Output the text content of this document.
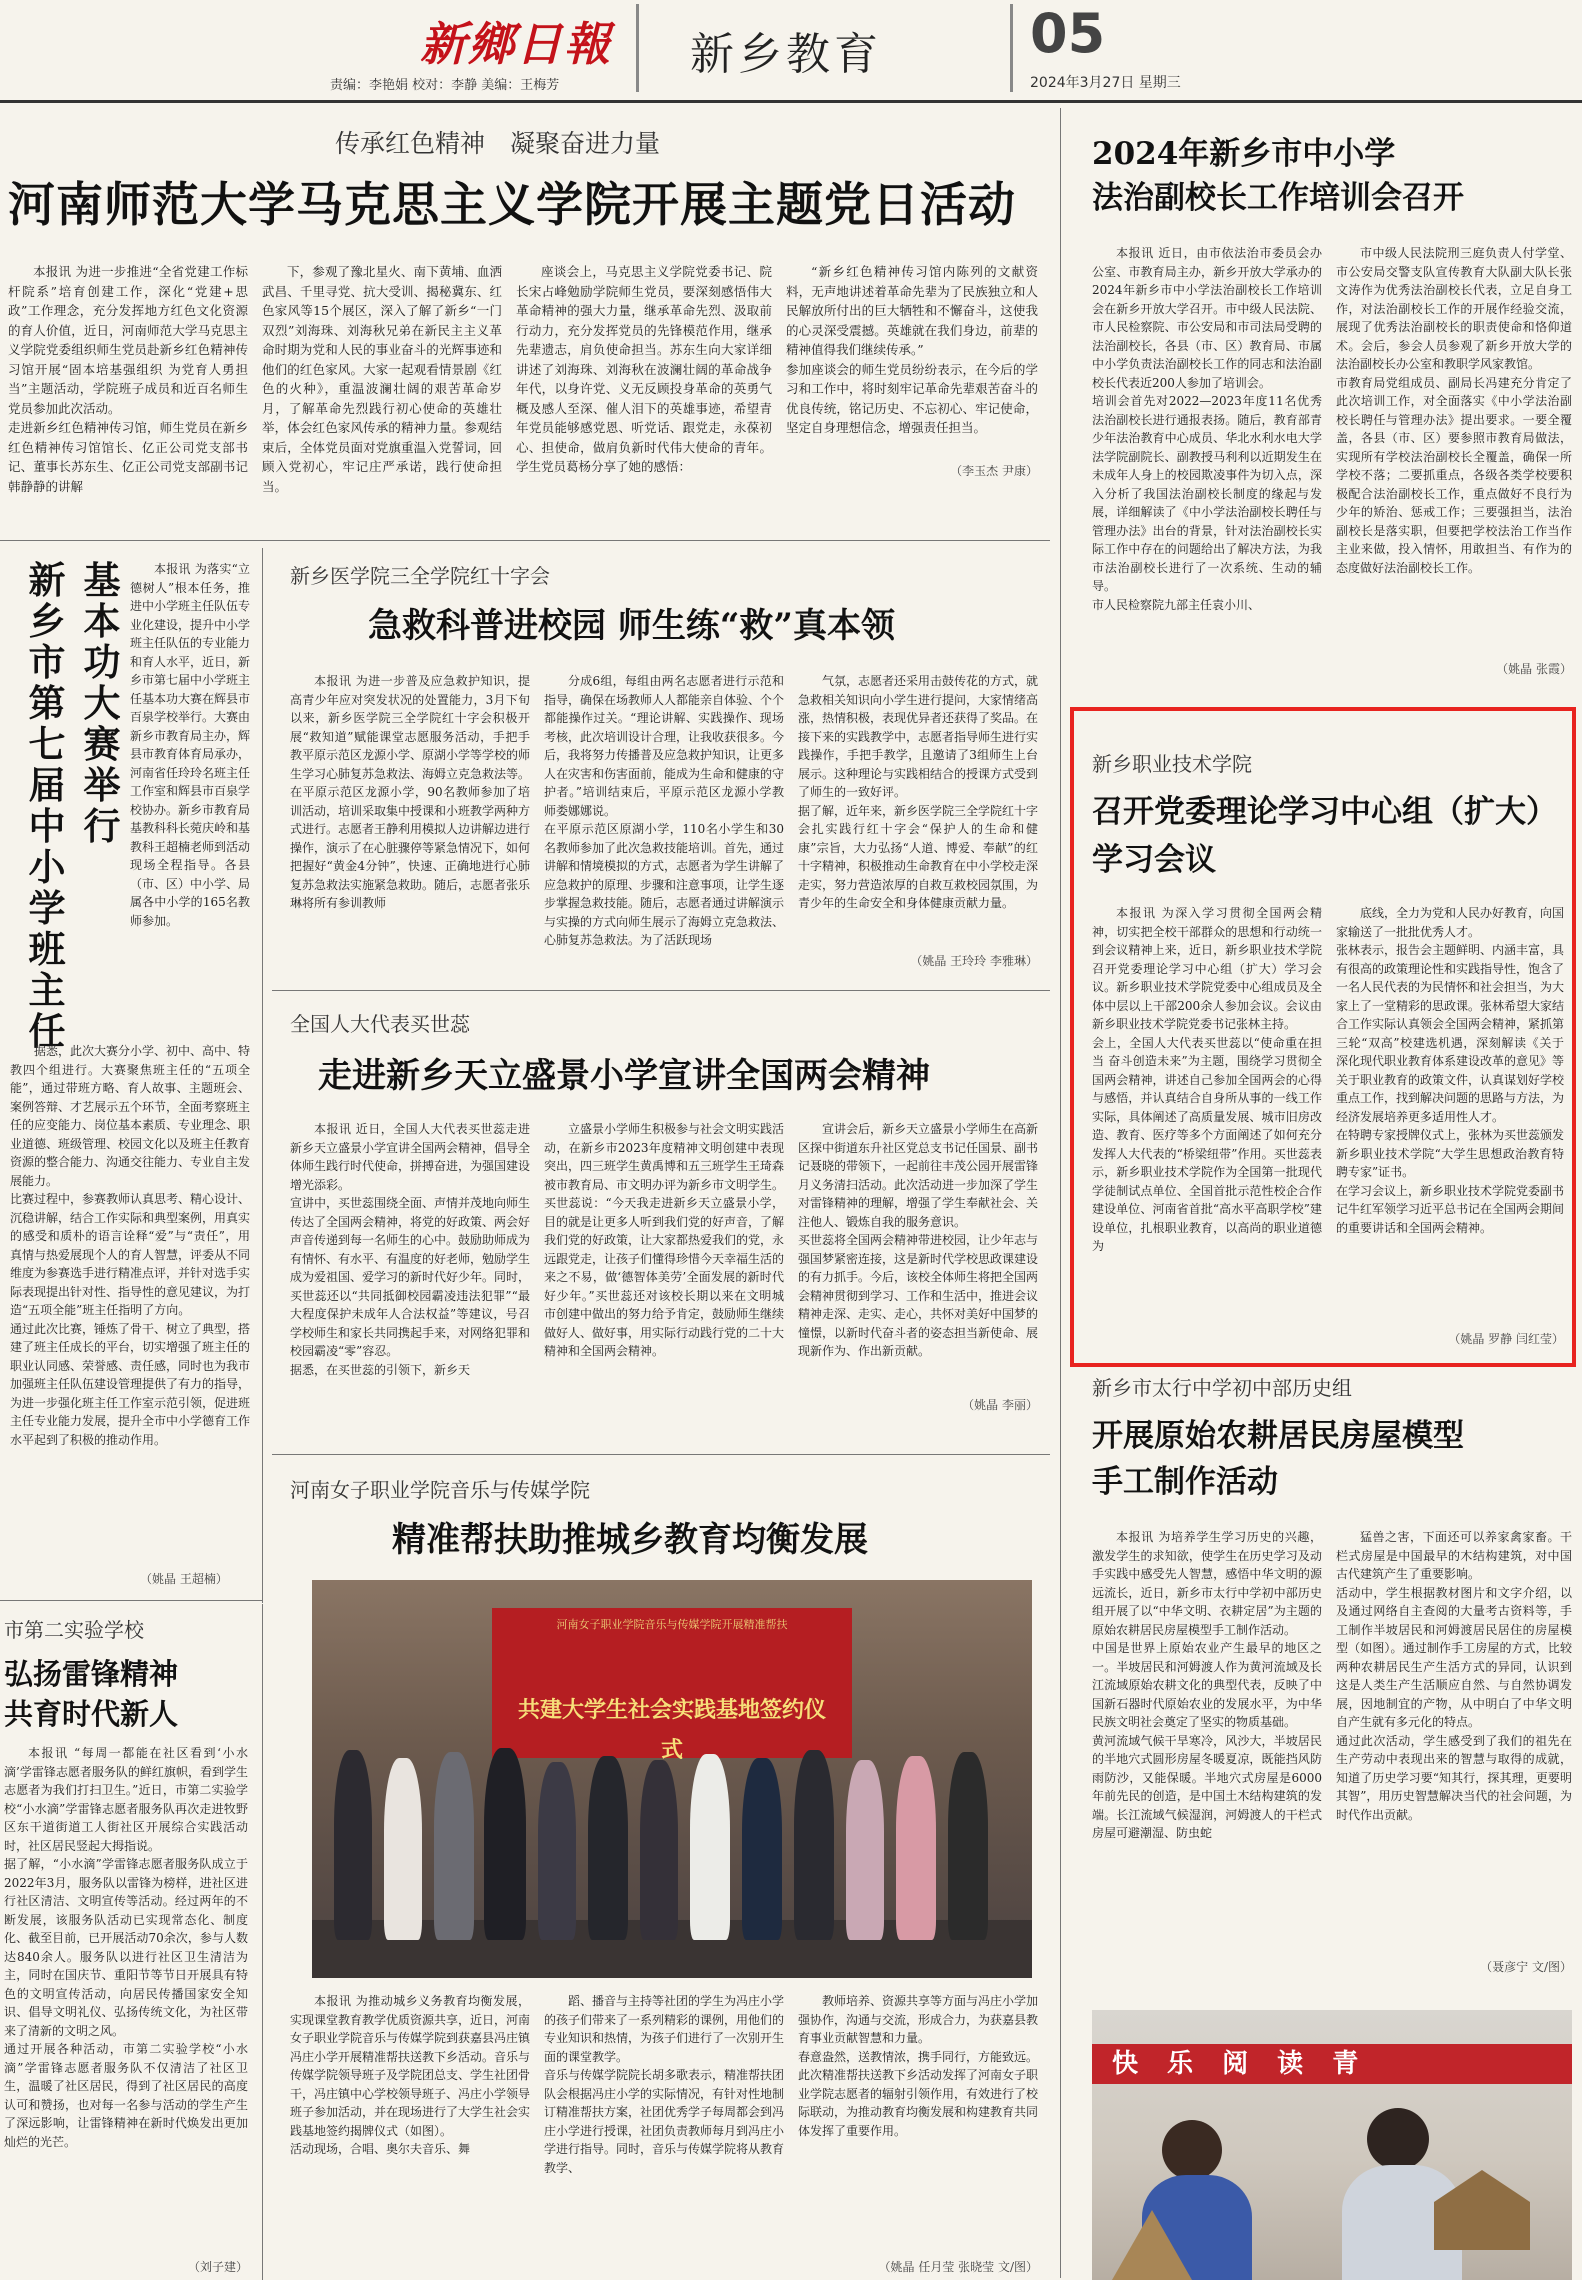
新鄉日報
责编：李艳娟 校对：李静 美编：王梅芳
新乡教育	05
2024年3月27日 星期三
传承红色精神　凝聚奋进力量
河南师范大学马克思主义学院开展主题党日活动
本报讯 为进一步推进“全省党建工作标杆院系”培育创建工作，深化“党建+思政”工作理念，充分发挥地方红色文化资源的育人价值，近日，河南师范大学马克思主义学院党委组织师生党员赴新乡红色精神传习馆开展“固本培基强组织 为党育人勇担当”主题活动，学院班子成员和近百名师生党员参加此次活动。
走进新乡红色精神传习馆，师生党员在新乡红色精神传习馆馆长、亿正公司党支部书记、董事长苏东生、亿正公司党支部副书记韩静静的讲解
下，参观了豫北星火、南下黄埔、血洒武昌、千里寻党、抗大受训、揭秘冀东、红色家风等15个展区，深入了解了新乡“一门双烈”刘海珠、刘海秋兄弟在新民主主义革命时期为党和人民的事业奋斗的光辉事迹和他们的红色家风。大家一起观看情景剧《红色的火种》，重温波澜壮阔的艰苦革命岁月，了解革命先烈践行初心使命的英雄壮举，体会红色家风传承的精神力量。参观结束后，全体党员面对党旗重温入党誓词，回顾入党初心，牢记庄严承诺，践行使命担当。
座谈会上，马克思主义学院党委书记、院长宋占峰勉励学院师生党员，要深刻感悟伟大革命精神的强大力量，继承革命先烈、汲取前行动力，充分发挥党员的先锋模范作用，继承先辈遗志，肩负使命担当。苏东生向大家详细讲述了刘海珠、刘海秋在波澜壮阔的革命战争年代，以身许党、义无反顾投身革命的英勇气概及感人至深、催人泪下的英雄事迹，希望青年党员能够感党恩、听党话、跟党走，永葆初心、担使命，做肩负新时代伟大使命的青年。学生党员葛杨分享了她的感悟：
“新乡红色精神传习馆内陈列的文献资料，无声地讲述着革命先辈为了民族独立和人民解放所付出的巨大牺牲和不懈奋斗，这使我的心灵深受震撼。英雄就在我们身边，前辈的精神值得我们继续传承。”
参加座谈会的师生党员纷纷表示，在今后的学习和工作中，将时刻牢记革命先辈艰苦奋斗的优良传统，铭记历史、不忘初心、牢记使命，坚定自身理想信念，增强责任担当。
（李玉杰 尹康）
基
本
功
大
赛
举
行
新
乡
市
第
七
届
中
小
学
班
主
任
本报讯 为落实“立德树人”根本任务，推进中小学班主任队伍专业化建设，提升中小学班主任队伍的专业能力和育人水平，近日，新乡市第七届中小学班主任基本功大赛在辉县市百泉学校举行。大赛由新乡市教育局主办，辉县市教育体育局承办，河南省任玲玲名班主任工作室和辉县市百泉学校协办。新乡市教育局基教科科长菀庆岭和基教科王超楠老师到活动现场全程指导。各县（市、区）中小学、局属各中小学的165名教师参加。
据悉，此次大赛分小学、初中、高中、特教四个组进行。大赛聚焦班主任的“五项全能”，通过带班方略、育人故事、主题班会、案例答辩、才艺展示五个环节，全面考察班主任的应变能力、岗位基本素质、专业理念、职业道德、班级管理、校园文化以及班主任教育资源的整合能力、沟通交往能力、专业自主发展能力。
比赛过程中，参赛教师认真思考、精心设计、沉稳讲解，结合工作实际和典型案例，用真实的感受和质朴的语言诠释“爱”与“责任”，用真情与热爱展现个人的育人智慧，评委从不同维度为参赛选手进行精准点评，并针对选手实际表现提出针对性、指导性的意见建议，为打造“五项全能”班主任指明了方向。
通过此次比赛，锤炼了骨干、树立了典型，搭建了班主任成长的平台，切实增强了班主任的职业认同感、荣誉感、责任感，同时也为我市加强班主任队伍建设管理提供了有力的指导，为进一步强化班主任工作室示范引领，促进班主任专业能力发展，提升全市中小学德育工作水平起到了积极的推动作用。
（姚晶 王超楠）
新乡医学院三全学院红十字会
急救科普进校园 师生练“救”真本领
本报讯 为进一步普及应急救护知识，提高青少年应对突发状况的处置能力，3月下旬以来，新乡医学院三全学院红十字会积极开展“救知道”赋能课堂志愿服务活动，手把手教平原示范区龙源小学、原湖小学等学校的师生学习心肺复苏急救法、海姆立克急救法等。
在平原示范区龙源小学，90名教师参加了培训活动，培训采取集中授课和小班教学两种方式进行。志愿者王静利用模拟人边讲解边进行操作，演示了在心脏骤停等紧急情况下，如何把握好“黄金4分钟”，快速、正确地进行心肺复苏急救法实施紧急救助。随后，志愿者张乐琳将所有参训教师
分成6组，每组由两名志愿者进行示范和指导，确保在场教师人人都能亲自体验、个个都能操作过关。“理论讲解、实践操作、现场考核，此次培训设计合理，让我收获很多。今后，我将努力传播普及应急救护知识，让更多人在灾害和伤害面前，能成为生命和健康的守护者。”培训结束后，平原示范区龙源小学教师娄娜娜说。
在平原示范区原湖小学，110名小学生和30名教师参加了此次急救技能培训。首先，通过讲解和情境模拟的方式，志愿者为学生讲解了应急救护的原理、步骤和注意事项，让学生逐步掌握急救技能。随后，志愿者通过讲解演示与实操的方式向师生展示了海姆立克急救法、心肺复苏急救法。为了活跃现场
气氛，志愿者还采用击鼓传花的方式，就急救相关知识向小学生进行提问，大家情绪高涨，热情积极，表现优异者还获得了奖品。在接下来的实践教学中，志愿者指导师生进行实践操作，手把手教学，且邀请了3组师生上台展示。这种理论与实践相结合的授课方式受到了师生的一致好评。
据了解，近年来，新乡医学院三全学院红十字会扎实践行红十字会“保护人的生命和健康”宗旨，大力弘扬“人道、博爱、奉献”的红十字精神，积极推动生命教育在中小学校走深走实，努力营造浓厚的自救互救校园氛围，为青少年的生命安全和身体健康贡献力量。
（姚晶 王玲玲 李雅琳）
全国人大代表买世蕊
走进新乡天立盛景小学宣讲全国两会精神
本报讯 近日，全国人大代表买世蕊走进新乡天立盛景小学宣讲全国两会精神，倡导全体师生践行时代使命，拼搏奋进，为强国建设增光添彩。
宣讲中，买世蕊围绕全面、声情并茂地向师生传达了全国两会精神，将党的好政策、两会好声音传递到每一名师生的心中。鼓励助师成为有情怀、有水平、有温度的好老师，勉励学生成为爱祖国、爱学习的新时代好少年。同时，买世蕊还以“共同抵御校园霸凌违法犯罪”“最大程度保护未成年人合法权益”等建议，号召学校师生和家长共同携起手来，对网络犯罪和校园霸凌“零”容忍。
据悉，在买世蕊的引领下，新乡天
立盛景小学师生积极参与社会文明实践活动，在新乡市2023年度精神文明创建中表现突出，四三班学生黄禹博和五三班学生王琦森被市教育局、市文明办评为新乡市文明学生。
买世蕊说：“今天我走进新乡天立盛景小学，目的就是让更多人听到我们党的好声音，了解我们党的好政策，让大家都热爱我们的党，永远跟党走，让孩子们懂得珍惜今天幸福生活的来之不易，做‘德智体美劳’全面发展的新时代好少年。”买世蕊还对该校长期以来在文明城市创建中做出的努力给予肯定，鼓励师生继续做好人、做好事，用实际行动践行党的二十大精神和全国两会精神。
宣讲会后，新乡天立盛景小学师生在高新区探中街道东升社区党总支书记任国景、副书记聂晓的带领下，一起前往丰茂公园开展雷锋月义务清扫活动。此次活动进一步加深了学生对雷锋精神的理解，增强了学生奉献社会、关注他人、锻炼自我的服务意识。
买世蕊将全国两会精神带进校园，让少年志与强国梦紧密连接，这是新时代学校思政课建设的有力抓手。今后，该校全体师生将把全国两会精神贯彻到学习、工作和生活中，推进会议精神走深、走实、走心，共怀对美好中国梦的憧憬，以新时代奋斗者的姿态担当新使命、展现新作为、作出新贡献。
（姚晶 李丽）
河南女子职业学院音乐与传媒学院
精准帮扶助推城乡教育均衡发展
河南女子职业学院音乐与传媒学院开展精准帮扶
共建大学生社会实践基地签约仪式
本报讯 为推动城乡义务教育均衡发展，实现课堂教育教学优质资源共享，近日，河南女子职业学院音乐与传媒学院到获嘉县冯庄镇冯庄小学开展精准帮扶送教下乡活动。音乐与传媒学院领导班子及学院团总支、学生社团骨干，冯庄镇中心学校领导班子、冯庄小学领导班子参加活动，并在现场进行了大学生社会实践基地签约揭牌仪式（如图）。
活动现场，合唱、奥尔夫音乐、舞
蹈、播音与主持等社团的学生为冯庄小学的孩子们带来了一系列精彩的课例，用他们的专业知识和热情，为孩子们进行了一次别开生面的课堂教学。
音乐与传媒学院院长胡多歌表示，精准帮扶团队会根据冯庄小学的实际情况，有针对性地制订精准帮扶方案，社团优秀学子每周都会到冯庄小学进行授课，社团负责教师每月到冯庄小学进行指导。同时，音乐与传媒学院将从教育教学、
教师培养、资源共享等方面与冯庄小学加强协作，沟通与交流，形成合力，为获嘉县教育事业贡献智慧和力量。
春意盎然，送教情浓，携手同行，方能致远。此次精准帮扶送教下乡活动发挥了河南女子职业学院志愿者的辐射引领作用，有效进行了校际联动，为推动教育均衡发展和构建教育共同体发挥了重要作用。
（姚晶 任月莹 张晓莹 文/图）
市第二实验学校
弘扬雷锋精神
共育时代新人
本报讯 “每周一都能在社区看到‘小水滴’学雷锋志愿者服务队的鲜红旗帜，看到学生志愿者为我们打扫卫生。”近日，市第二实验学校“小水滴”学雷锋志愿者服务队再次走进牧野区东干道街道工人街社区开展综合实践活动时，社区居民竖起大拇指说。
据了解，“小水滴”学雷锋志愿者服务队成立于2022年3月，服务队以雷锋为榜样，进社区进行社区清洁、文明宣传等活动。经过两年的不断发展，该服务队活动已实现常态化、制度化、截至目前，已开展活动70余次，参与人数达840余人。服务队以进行社区卫生清洁为主，同时在国庆节、重阳节等节日开展具有特色的文明宣传活动，向居民传播国家安全知识、倡导文明礼仪、弘扬传统文化，为社区带来了清新的文明之风。
通过开展各种活动，市第二实验学校“小水滴”学雷锋志愿者服务队不仅清洁了社区卫生，温暖了社区居民，得到了社区居民的高度认可和赞扬，也对每一名参与活动的学生产生了深远影响，让雷锋精神在新时代焕发出更加灿烂的光芒。
（刘子建）
2024年新乡市中小学
法治副校长工作培训会召开
本报讯 近日，由市依法治市委员会办公室、市教育局主办，新乡开放大学承办的2024年新乡市中小学法治副校长工作培训会在新乡开放大学召开。市中级人民法院、市人民检察院、市公安局和市司法局受聘的法治副校长，各县（市、区）教育局、市属中小学负责法治副校长工作的同志和法治副校长代表近200人参加了培训会。
培训会首先对2022—2023年度11名优秀法治副校长进行通报表扬。随后，教育部青少年法治教育中心成员、华北水利水电大学法学院副院长、副教授马利利以近期发生在未成年人身上的校园欺凌事件为切入点，深入分析了我国法治副校长制度的缘起与发展，详细解读了《中小学法治副校长聘任与管理办法》出台的背景，针对法治副校长实际工作中存在的问题给出了解决方法，为我市法治副校长进行了一次系统、生动的辅导。
市人民检察院九部主任袁小川、
市中级人民法院刑三庭负责人付学堂、市公安局交警支队宣传教育大队副大队长张文涛作为优秀法治副校长代表，立足自身工作，对法治副校长工作的开展作经验交流，展现了优秀法治副校长的职责使命和恪仰道术。会后，参会人员参观了新乡开放大学的法治副校长办公室和教职学风家教馆。
市教育局党组成员、副局长冯建充分肯定了此次培训工作，对全面落实《中小学法治副校长聘任与管理办法》提出要求。一要全覆盖，各县（市、区）要参照市教育局做法，实现所有学校法治副校长全覆盖，确保一所学校不落；二要抓重点，各级各类学校要积极配合法治副校长工作，重点做好不良行为少年的矫治、惩戒工作；三要强担当，法治副校长是落实职，但要把学校法治工作当作主业来做，投入情怀，用敢担当、有作为的态度做好法治副校长工作。
（姚晶 张霞）
新乡职业技术学院
召开党委理论学习中心组（扩大）
学习会议
本报讯 为深入学习贯彻全国两会精神，切实把全校干部群众的思想和行动统一到会议精神上来，近日，新乡职业技术学院召开党委理论学习中心组（扩大）学习会议。新乡职业技术学院党委中心组成员及全体中层以上干部200余人参加会议。会议由新乡职业技术学院党委书记张林主持。
会上，全国人大代表买世蕊以“使命重在担当 奋斗创造未来”为主题，围绕学习贯彻全国两会精神，讲述自己参加全国两会的心得与感悟，并认真结合自身所从事的一线工作实际，具体阐述了高质量发展、城市旧房改造、教育、医疗等多个方面阐述了如何充分发挥人大代表的“桥梁纽带”作用。买世蕊表示，新乡职业技术学院作为全国第一批现代学徒制试点单位、全国首批示范性校企合作建设单位、河南省首批“高水平高职学校”建设单位，扎根职业教育，以高尚的职业道德为
底线，全力为党和人民办好教育，向国家输送了一批批优秀人才。
张林表示，报告会主题鲜明、内涵丰富，具有很高的政策理论性和实践指导性，饱含了一名人民代表的为民情怀和社会担当，为大家上了一堂精彩的思政课。张林希望大家结合工作实际认真领会全国两会精神，紧抓第三轮“双高”校建选机遇，深刻解读《关于深化现代职业教育体系建设改革的意见》等关于职业教育的政策文件，认真谋划好学校重点工作，找到解决问题的思路与方法，为经济发展培养更多适用性人才。
在特聘专家授牌仪式上，张林为买世蕊颁发新乡职业技术学院“大学生思想政治教育特聘专家”证书。
在学习会议上，新乡职业技术学院党委副书记牛红军领学习近平总书记在全国两会期间的重要讲话和全国两会精神。
（姚晶 罗静 闫红莹）
新乡市太行中学初中部历史组
开展原始农耕居民房屋模型
手工制作活动
本报讯 为培养学生学习历史的兴趣，激发学生的求知欲，使学生在历史学习及动手实践中感受先人智慧，感悟中华文明的源远流长，近日，新乡市太行中学初中部历史组开展了以“中华文明、衣耕定居”为主题的原始农耕居民房屋模型手工制作活动。
中国是世界上原始农业产生最早的地区之一。半坡居民和河姆渡人作为黄河流域及长江流域原始农耕文化的典型代表，反映了中国新石器时代原始农业的发展水平，为中华民族文明社会奠定了坚实的物质基础。
黄河流域气候干旱寒冷，风沙大，半坡居民的半地穴式圆形房屋冬暖夏凉，既能挡风防雨防沙，又能保暖。半地穴式房屋是6000年前先民的创造，是中国土木结构建筑的发端。长江流域气候湿润，河姆渡人的干栏式房屋可避潮湿、防虫蛇
猛兽之害，下面还可以养家禽家畜。干栏式房屋是中国最早的木结构建筑，对中国古代建筑产生了重要影响。
活动中，学生根据教材图片和文字介绍，以及通过网络自主查阅的大量考古资料等，手工制作半坡居民和河姆渡居民居住的房屋模型（如图）。通过制作手工房屋的方式，比较两种农耕居民生产生活方式的异同，认识到这是人类生产生活顺应自然、与自然协调发展，因地制宜的产物，从中明白了中华文明自产生就有多元化的特点。
通过此次活动，学生感受到了我们的祖先在生产劳动中表现出来的智慧与取得的成就，知道了历史学习要“知其行，探其理，更要明其智”，用历史智慧解决当代的社会问题，为时代作出贡献。
（聂彦宁 文/图）
快 乐 阅 读 青
